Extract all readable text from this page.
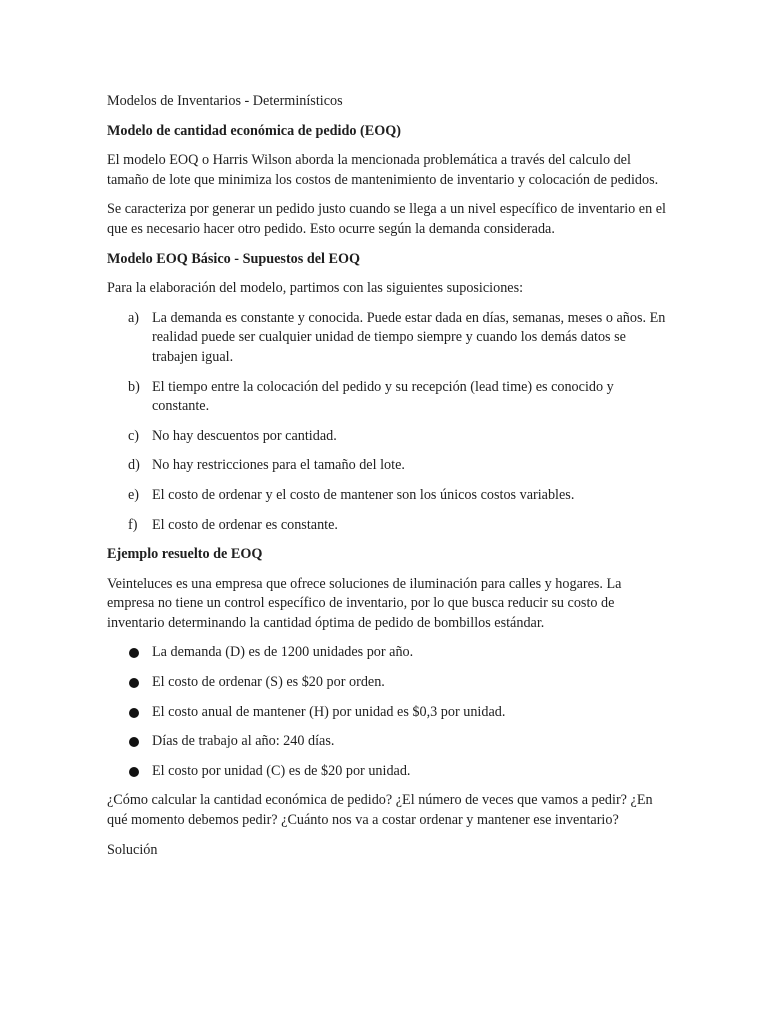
Modelos de Inventarios - Determinísticos

Modelo de cantidad económica de pedido (EOQ)

El modelo EOQ o Harris Wilson aborda la mencionada problemática a través del calculo del tamaño de lote que minimiza los costos de mantenimiento de inventario y colocación de pedidos.

Se caracteriza por generar un pedido justo cuando se llega a un nivel específico de inventario en el que es necesario hacer otro pedido. Esto ocurre según la demanda considerada.

Modelo EOQ Básico - Supuestos del EOQ

Para la elaboración del modelo, partimos con las siguientes suposiciones:

a) La demanda es constante y conocida. Puede estar dada en días, semanas, meses o años. En realidad puede ser cualquier unidad de tiempo siempre y cuando los demás datos se trabajen igual.
b) El tiempo entre la colocación del pedido y su recepción (lead time) es conocido y constante.
c) No hay descuentos por cantidad.
d) No hay restricciones para el tamaño del lote.
e) El costo de ordenar y el costo de mantener son los únicos costos variables.
f) El costo de ordenar es constante.

Ejemplo resuelto de EOQ

Veinteluces es una empresa que ofrece soluciones de iluminación para calles y hogares. La empresa no tiene un control específico de inventario, por lo que busca reducir su costo de inventario determinando la cantidad óptima de pedido de bombillos estándar.

La demanda (D) es de 1200 unidades por año.
El costo de ordenar (S) es $20 por orden.
El costo anual de mantener (H) por unidad es $0,3 por unidad.
Días de trabajo al año: 240 días.
El costo por unidad (C) es de $20 por unidad.

¿Cómo calcular la cantidad económica de pedido? ¿El número de veces que vamos a pedir? ¿En qué momento debemos pedir? ¿Cuánto nos va a costar ordenar y mantener ese inventario?

Solución
